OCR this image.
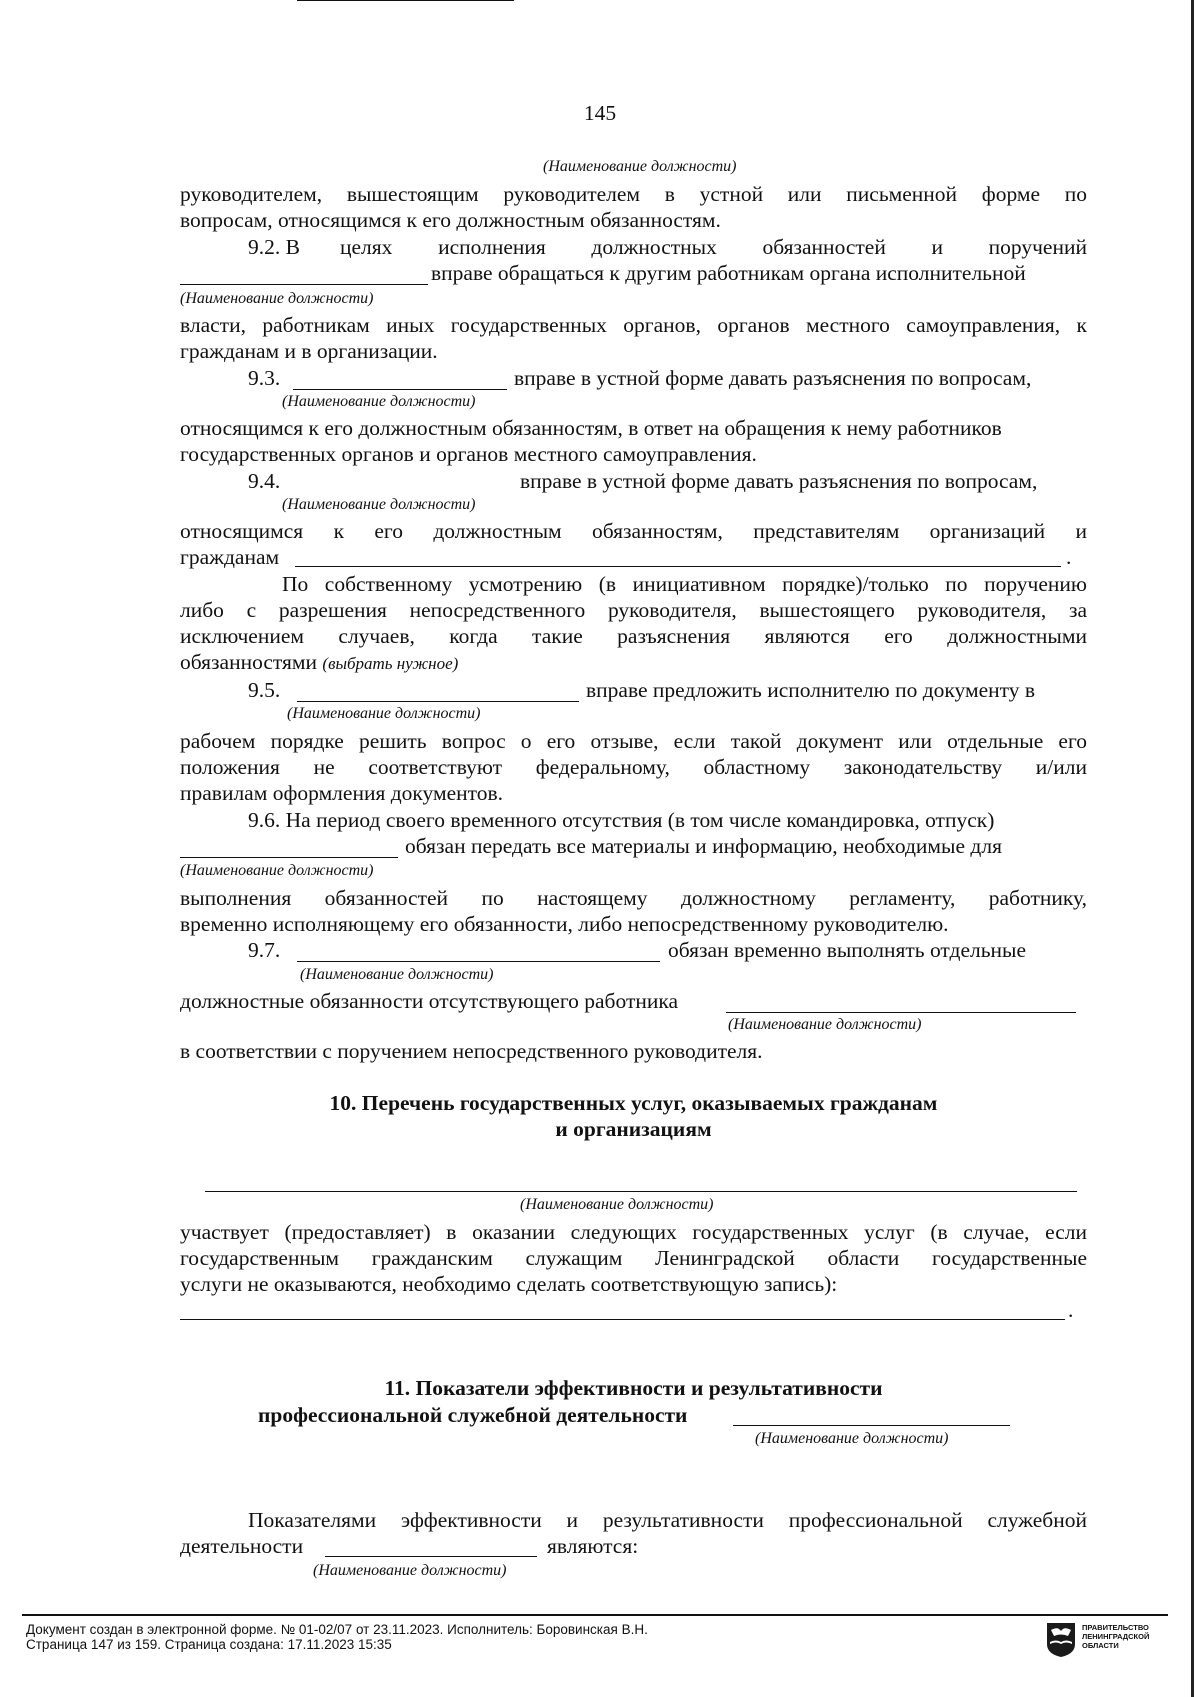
145
(Наименование должности)
руководителем, вышестоящим руководителем в устной или письменной форме по
вопросам, относящимся к его должностным обязанностям.
9.2. В целях исполнения должностных обязанностей и поручений
вправе обращаться к другим работникам органа исполнительной
(Наименование должности)
власти, работникам иных государственных органов, органов местного самоуправления, к
гражданам и в организации.
9.3.	вправе в устной форме давать разъяснения по вопросам,
(Наименование должности)
относящимся к его должностным обязанностям, в ответ на обращения к нему работников
государственных органов и органов местного самоуправления.
9.4.	вправе в устной форме давать разъяснения по вопросам,
(Наименование должности)
относящимся к его должностным обязанностям, представителям организаций и
гражданам	.
По собственному усмотрению (в инициативном порядке)/только по поручению
либо с разрешения непосредственного руководителя, вышестоящего руководителя, за
исключением случаев, когда такие разъяснения являются его должностными
обязанностями (выбрать нужное)
9.5.	вправе предложить исполнителю по документу в
(Наименование должности)
рабочем порядке решить вопрос о его отзыве, если такой документ или отдельные его
положения не соответствуют федеральному, областному законодательству и/или
правилам оформления документов.
9.6. На период своего временного отсутствия (в том числе командировка, отпуск)
обязан передать все материалы и информацию, необходимые для
(Наименование должности)
выполнения обязанностей по настоящему должностному регламенту, работнику,
временно исполняющему его обязанности, либо непосредственному руководителю.
9.7.	обязан временно выполнять отдельные
(Наименование должности)
должностные обязанности отсутствующего работника
(Наименование должности)
в соответствии с поручением непосредственного руководителя.
10. Перечень государственных услуг, оказываемых гражданам
и организациям
(Наименование должности)
участвует (предоставляет) в оказании следующих государственных услуг (в случае, если
государственным гражданским служащим Ленинградской области государственные
услуги не оказываются, необходимо сделать соответствующую запись):
.
11. Показатели эффективности и результативности
профессиональной служебной деятельности
(Наименование должности)
Показателями эффективности и результативности профессиональной служебной
деятельности	являются:
(Наименование должности)
Документ создан в электронной форме. № 01-02/07 от 23.11.2023. Исполнитель: Боровинская В.Н.
Страница 147 из 159. Страница создана: 17.11.2023 15:35
ПРАВИТЕЛЬСТВО
ЛЕНИНГРАДСКОЙ
ОБЛАСТИ
